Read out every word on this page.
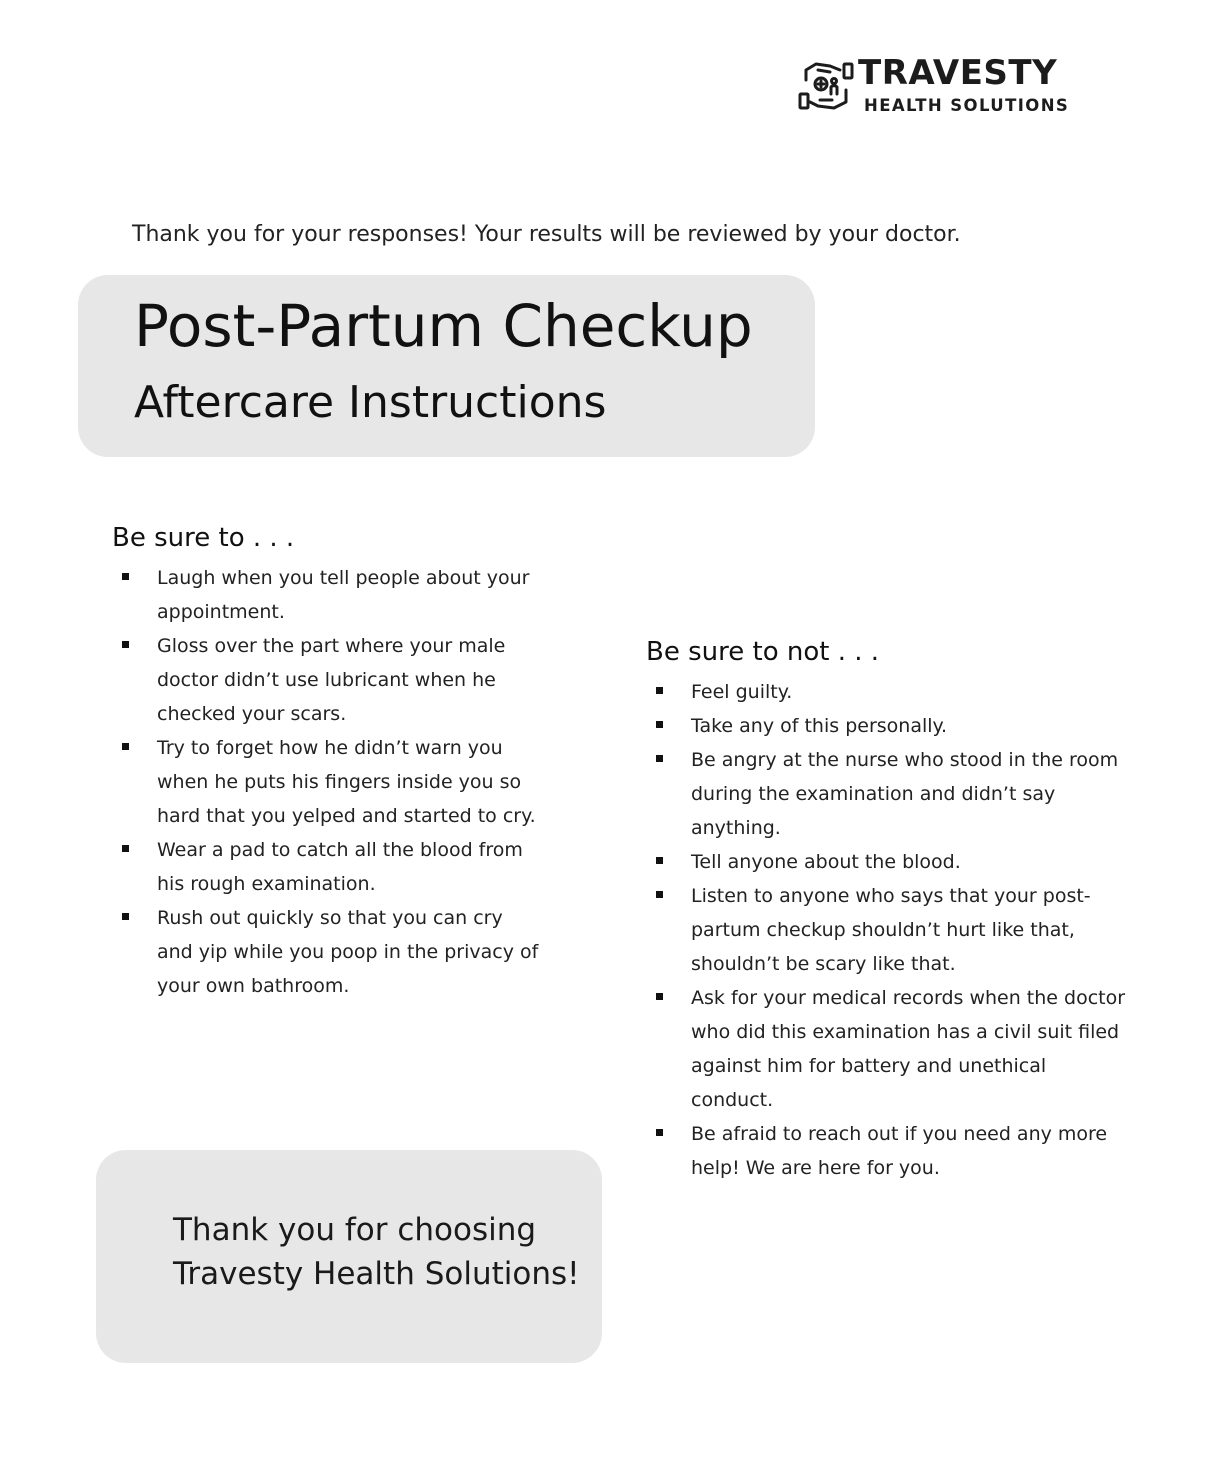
TRAVESTY
HEALTH SOLUTIONS
Thank you for your responses! Your results will be reviewed by your doctor.
Post-Partum Checkup
Aftercare Instructions
Be sure to . . .
Laugh when you tell people about your appointment.
Gloss over the part where your male doctor didn’t use lubricant when he checked your scars.
Try to forget how he didn’t warn you when he puts his fingers inside you so hard that you yelped and started to cry.
Wear a pad to catch all the blood from his rough examination.
Rush out quickly so that you can cry and yip while you poop in the privacy of your own bathroom.
Be sure to not . . .
Feel guilty.
Take any of this personally.
Be angry at the nurse who stood in the room during the examination and didn’t say anything.
Tell anyone about the blood.
Listen to anyone who says that your post-partum checkup shouldn’t hurt like that, shouldn’t be scary like that.
Ask for your medical records when the doctor who did this examination has a civil suit filed against him for battery and unethical conduct.
Be afraid to reach out if you need any more help! We are here for you.
Thank you for choosing Travesty Health Solutions!
